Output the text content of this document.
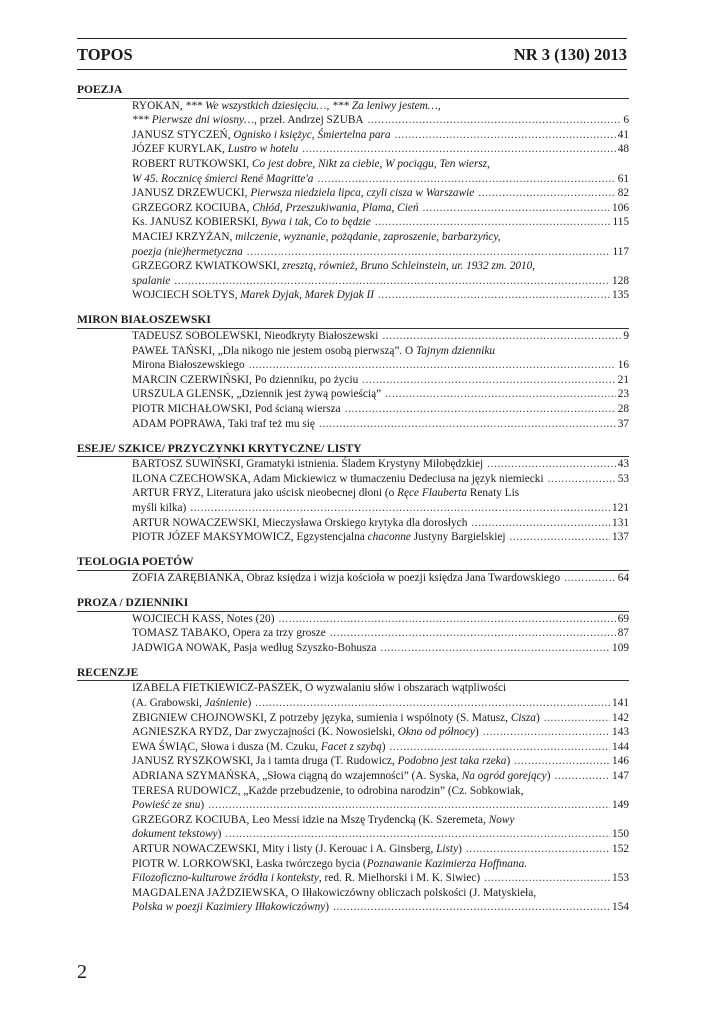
TOPOS	NR 3 (130) 2013
POEZJA
RYOKAN, *** We wszystkich dziesięciu…, *** Za leniwy jestem…,
*** Pierwsze dni wiosny…, przeł. Andrzej SZUBA .....	6
JANUSZ STYCZEŃ, Ognisko i księżyc, Śmiertelna para .....	41
JÓZEF KURYLAK, Lustro w hotelu .....	48
ROBERT RUTKOWSKI, Co jest dobre, Nikt za ciebie, W pociągu, Ten wiersz,
W 45. Rocznicę śmierci René Magritte'a .....	61
JANUSZ DRZEWUCKI, Pierwsza niedziela lipca, czyli cisza w Warszawie .....	82
GRZEGORZ KOCIUBA, Chłód, Przeszukiwania, Plama, Cień .....	106
Ks. JANUSZ KOBIERSKI, Bywa i tak, Co to będzie .....	115
MACIEJ KRZYŻAN, milczenie, wyznanie, pożądanie, zaproszenie, barbarzyńcy,
poezja (nie)hermetyczna .....	117
GRZEGORZ KWIATKOWSKI, zresztą, również, Bruno Schleinstein, ur. 1932 zm. 2010,
spalanie .....	128
WOJCIECH SOŁTYS, Marek Dyjak, Marek Dyjak II .....	135
MIRON BIAŁOSZEWSKI
TADEUSZ SOBOLEWSKI, Nieodkryty Białoszewski .....	9
PAWEŁ TAŃSKI, „Dla nikogo nie jestem osobą pierwszą”. O Tajnym dzienniku
Mirona Białoszewskiego .....	16
MARCIN CZERWIŃSKI, Po dzienniku, po życiu .....	21
URSZULA GLENSK, „Dziennik jest żywą powieścią” .....	23
PIOTR MICHAŁOWSKI, Pod ścianą wiersza .....	28
ADAM POPRAWA, Taki traf też mu się .....	37
ESEJE/ SZKICE/ PRZYCZYNKI KRYTYCZNE/ LISTY
BARTOSZ SUWIŃSKI, Gramatyki istnienia. Śladem Krystyny Miłobędzkiej .....	43
ILONA CZECHOWSKA, Adam Mickiewicz w tłumaczeniu Dedeciusa na język niemiecki .....	53
ARTUR FRYZ, Literatura jako uścisk nieobecnej dłoni (o Ręce Flauberta Renaty Lis
myśli kilka) .....	121
ARTUR NOWACZEWSKI, Mieczysława Orskiego krytyka dla dorosłych .....	131
PIOTR JÓZEF MAKSYMOWICZ, Egzystencjalna chaconne Justyny Bargielskiej .....	137
TEOLOGIA POETÓW
ZOFIA ZARĘBIANKA, Obraz księdza i wizja kościoła w poezji księdza Jana Twardowskiego .....	64
PROZA / DZIENNIKI
WOJCIECH KASS, Notes (20) .....	69
TOMASZ TABAKO, Opera za trzy grosze .....	87
JADWIGA NOWAK, Pasja według Szyszko-Bohusza .....	109
RECENZJE
IZABELA FIETKIEWICZ-PASZEK, O wyzwalaniu słów i obszarach wątpliwości
(A. Grabowski, Jaśnienie) .....	141
ZBIGNIEW CHOJNOWSKI, Z potrzeby języka, sumienia i wspólnoty (S. Matusz, Cisza) .....	142
AGNIESZKA RYDZ, Dar zwyczajności (K. Nowosielski, Okno od północy) .....	143
EWA ŚWIĄC, Słowa i dusza (M. Czuku, Facet z szybą) .....	144
JANUSZ RYSZKOWSKI, Ja i tamta druga (T. Rudowicz, Podobno jest taka rzeka) .....	146
ADRIANA SZYMAŃSKA, „Słowa ciągną do wzajemności” (A. Syska, Na ogród gorejący) .....	147
TERESA RUDOWICZ, „Każde przebudzenie, to odrobina narodzin” (Cz. Sobkowiak,
Powieść ze snu) .....	149
GRZEGORZ KOCIUBA, Leo Messi idzie na Mszę Trydencką (K. Szeremeta, Nowy
dokument tekstowy) .....	150
ARTUR NOWACZEWSKI, Mity i listy (J. Kerouac i A. Ginsberg, Listy) .....	152
PIOTR W. LORKOWSKI, Łaska twórczego bycia (Poznawanie Kazimierza Hoffmana.
Filozoficzno-kulturowe źródła i konteksty, red. R. Mielhorski i M. K. Siwiec) .....	153
MAGDALENA JAŻDZIEWSKA, O Iłłakowiczówny obliczach polskości (J. Matyskieła,
Polska w poezji Kazimiery Iłłakowiczówny) .....	154
2
